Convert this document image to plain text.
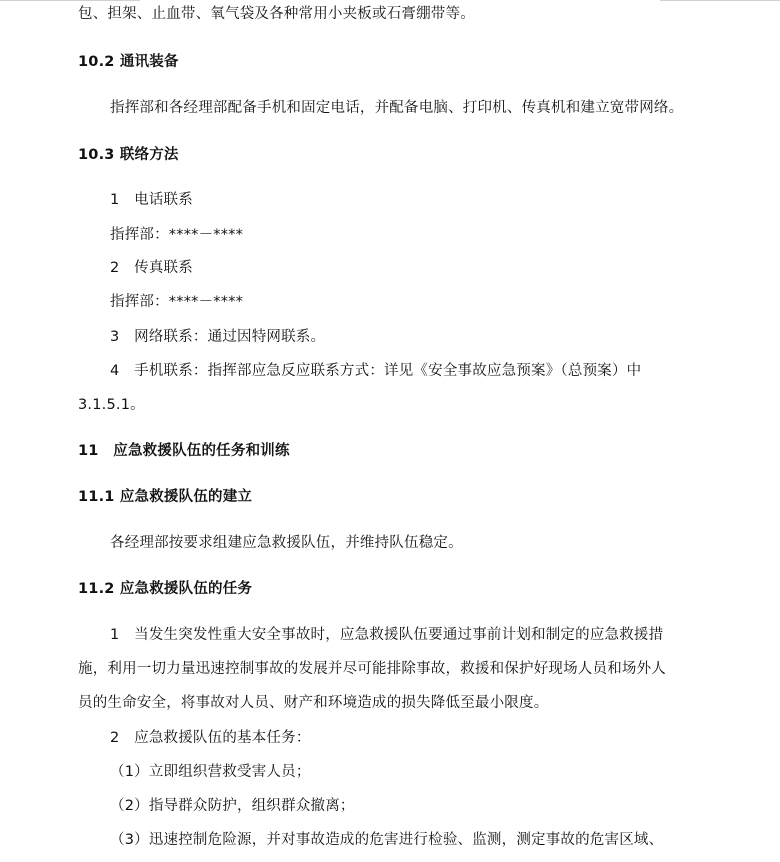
包、担架、止血带、氧气袋及各种常用小夹板或石膏绷带等。
10.2 通讯装备
指挥部和各经理部配备手机和固定电话，并配备电脑、打印机、传真机和建立宽带网络。
10.3 联络方法
1　电话联系
指挥部：****－****
2　传真联系
指挥部：****－****
3　网络联系：通过因特网联系。
4　手机联系：指挥部应急反应联系方式：详见《安全事故应急预案》（总预案）中
3.1.5.1。
11　应急救援队伍的任务和训练
11.1 应急救援队伍的建立
各经理部按要求组建应急救援队伍，并维持队伍稳定。
11.2 应急救援队伍的任务
1　当发生突发性重大安全事故时，应急救援队伍要通过事前计划和制定的应急救援措
施，利用一切力量迅速控制事故的发展并尽可能排除事故，救援和保护好现场人员和场外人
员的生命安全，将事故对人员、财产和环境造成的损失降低至最小限度。
2　应急救援队伍的基本任务：
（1）立即组织营救受害人员；
（2）指导群众防护，组织群众撤离；
（3）迅速控制危险源，并对事故造成的危害进行检验、监测，测定事故的危害区域、
